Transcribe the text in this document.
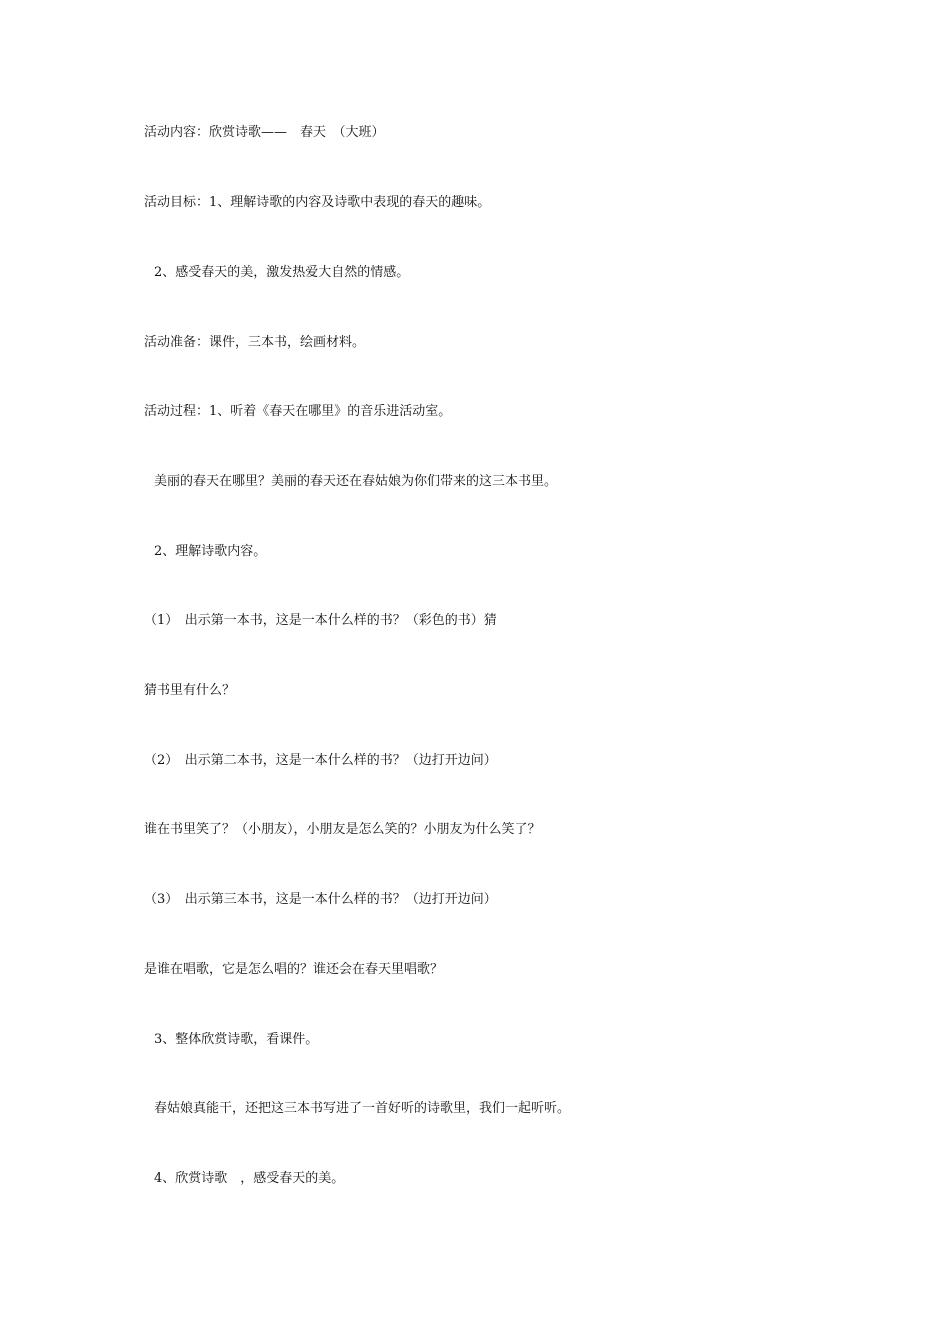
活动内容：欣赏诗歌——　春天　（大班）
活动目标：1、理解诗歌的内容及诗歌中表现的春天的趣味。
2、感受春天的美，激发热爱大自然的情感。
活动准备：课件，三本书，绘画材料。
活动过程：1、听着《春天在哪里》的音乐进活动室。
美丽的春天在哪里？美丽的春天还在春姑娘为你们带来的这三本书里。
2、理解诗歌内容。
（1）　出示第一本书，这是一本什么样的书？（彩色的书）猜
猜书里有什么？
（2）　出示第二本书，这是一本什么样的书？（边打开边问）
谁在书里笑了？（小朋友），小朋友是怎么笑的？小朋友为什么笑了？
（3）　出示第三本书，这是一本什么样的书？（边打开边问）
是谁在唱歌，它是怎么唱的？谁还会在春天里唱歌？
3、整体欣赏诗歌，看课件。
春姑娘真能干，还把这三本书写进了一首好听的诗歌里，我们一起听听。
4、欣赏诗歌　，感受春天的美。
